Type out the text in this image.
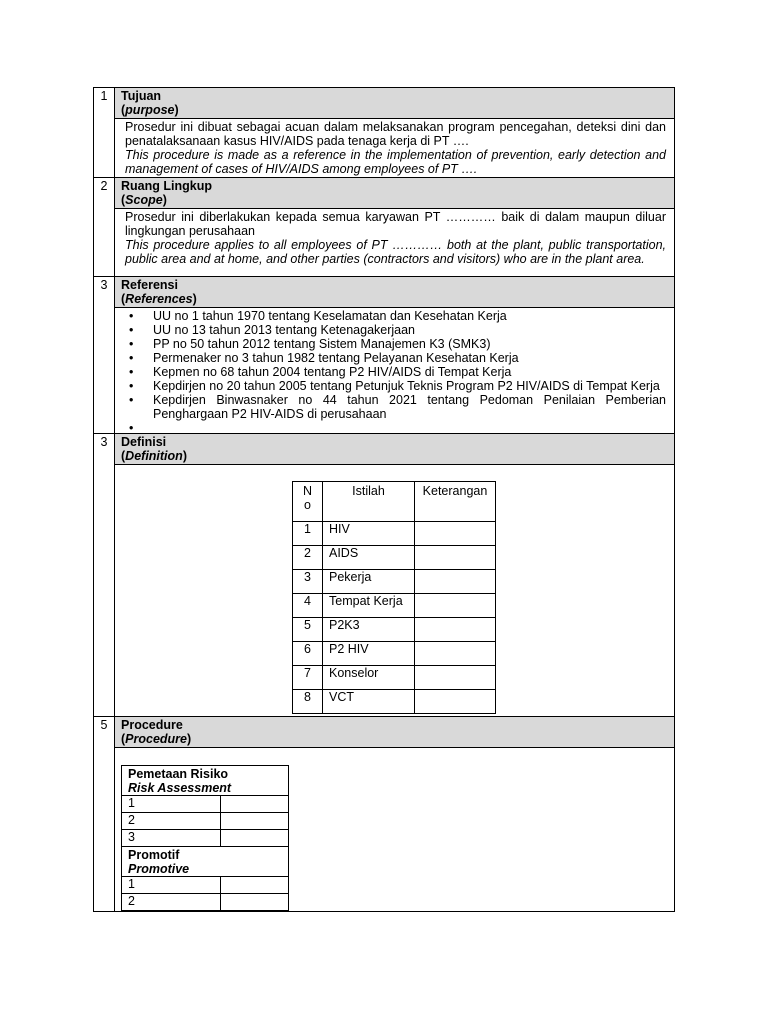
1	Tujuan
(purpose)

Prosedur ini dibuat sebagai acuan dalam melaksanakan program pencegahan, deteksi dini dan penatalaksanaan kasus HIV/AIDS pada tenaga kerja di PT ….
This procedure is made as a reference in the implementation of prevention, early detection and management of cases of HIV/AIDS among employees of PT ….

2	Ruang Lingkup
(Scope)

Prosedur ini diberlakukan kepada semua karyawan PT ………… baik di dalam maupun diluar lingkungan perusahaan
This procedure applies to all employees of PT ………… both at the plant, public transportation, public area and at home, and other parties (contractors and visitors) who are in the plant area.

3	Referensi
(References)

• UU no 1 tahun 1970 tentang Keselamatan dan Kesehatan Kerja
• UU no 13 tahun 2013 tentang Ketenagakerjaan
• PP no 50 tahun 2012 tentang Sistem Manajemen K3 (SMK3)
• Permenaker no 3 tahun 1982 tentang Pelayanan Kesehatan Kerja
• Kepmen no 68 tahun 2004 tentang P2 HIV/AIDS di Tempat Kerja
• Kepdirjen no 20 tahun 2005 tentang Petunjuk Teknis Program P2 HIV/AIDS di Tempat Kerja
• Kepdirjen Binwasnaker no 44 tahun 2021 tentang Pedoman Penilaian Pemberian Penghargaan P2 HIV-AIDS di perusahaan

3	Definisi
(Definition)

N o	Istilah	Keterangan
1	HIV	
2	AIDS	
3	Pekerja	
4	Tempat Kerja	
5	P2K3	
6	P2 HIV	
7	Konselor	
8	VCT	

5	Procedure
(Procedure)

Pemetaan Risiko
Risk Assessment

1	
2	
3	

Promotif
Promotive

1	
2	
